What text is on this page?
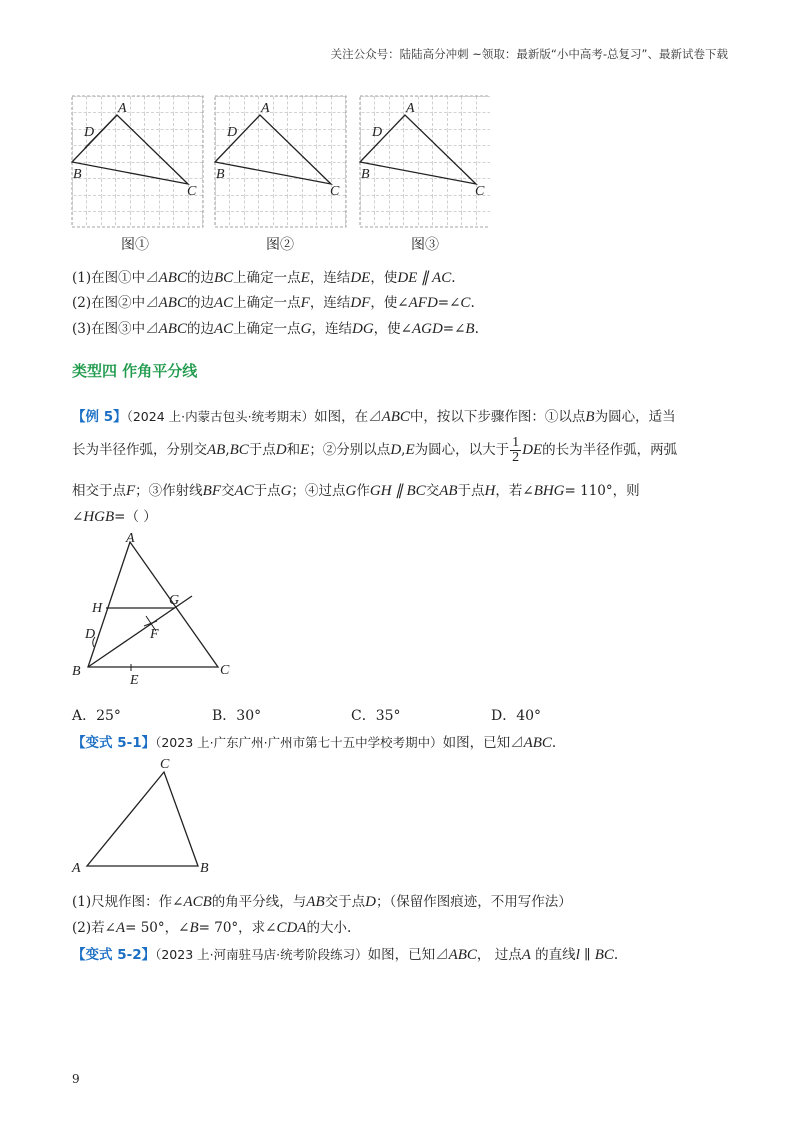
关注公众号：陆陆高分冲刺 ~领取：最新版“小中高考-总复习”、最新试卷下载
A
D
B
C
A
D
B
C
A
D
B
C
图①	图②	图③
(1)在图①中⊿ABC的边BC上确定一点E，连结DE，使DE ∥ AC.
(2)在图②中⊿ABC的边AC上确定一点F，连结DF，使∠AFD=∠C.
(3)在图③中⊿ABC的边AC上确定一点G，连结DG，使∠AGD=∠B.
类型四 作角平分线
【例 5】（2024 上·内蒙古包头·统考期末）如图，在⊿ABC中，按以下步骤作图：①以点B为圆心，适当
长为半径作弧，分别交AB,BC于点D和E；②分别以点D,E为圆心，以大于 $\frac{1}{2}$ DE的长为半径作弧，两弧
相交于点F；③作射线BF交AC于点G；④过点G作GH ∥ BC交AB于点H，若∠BHG= 110°，则
∠HGB=（ ）
A
H
G
D	F
B	C
E
A．25°	B．30°	C．35°	D．40°
【变式 5-1】（2023 上·广东广州·广州市第七十五中学校考期中）如图，已知⊿ABC.
C
A	B
(1)尺规作图：作∠ACB的角平分线，与AB交于点D；（保留作图痕迹，不用写作法）
(2)若∠A= 50°，∠B= 70°，求∠CDA的大小.
【变式 5-2】（2023 上·河南驻马店·统考阶段练习）如图，已知⊿ABC， 过点A 的直线l ∥ BC.
9
